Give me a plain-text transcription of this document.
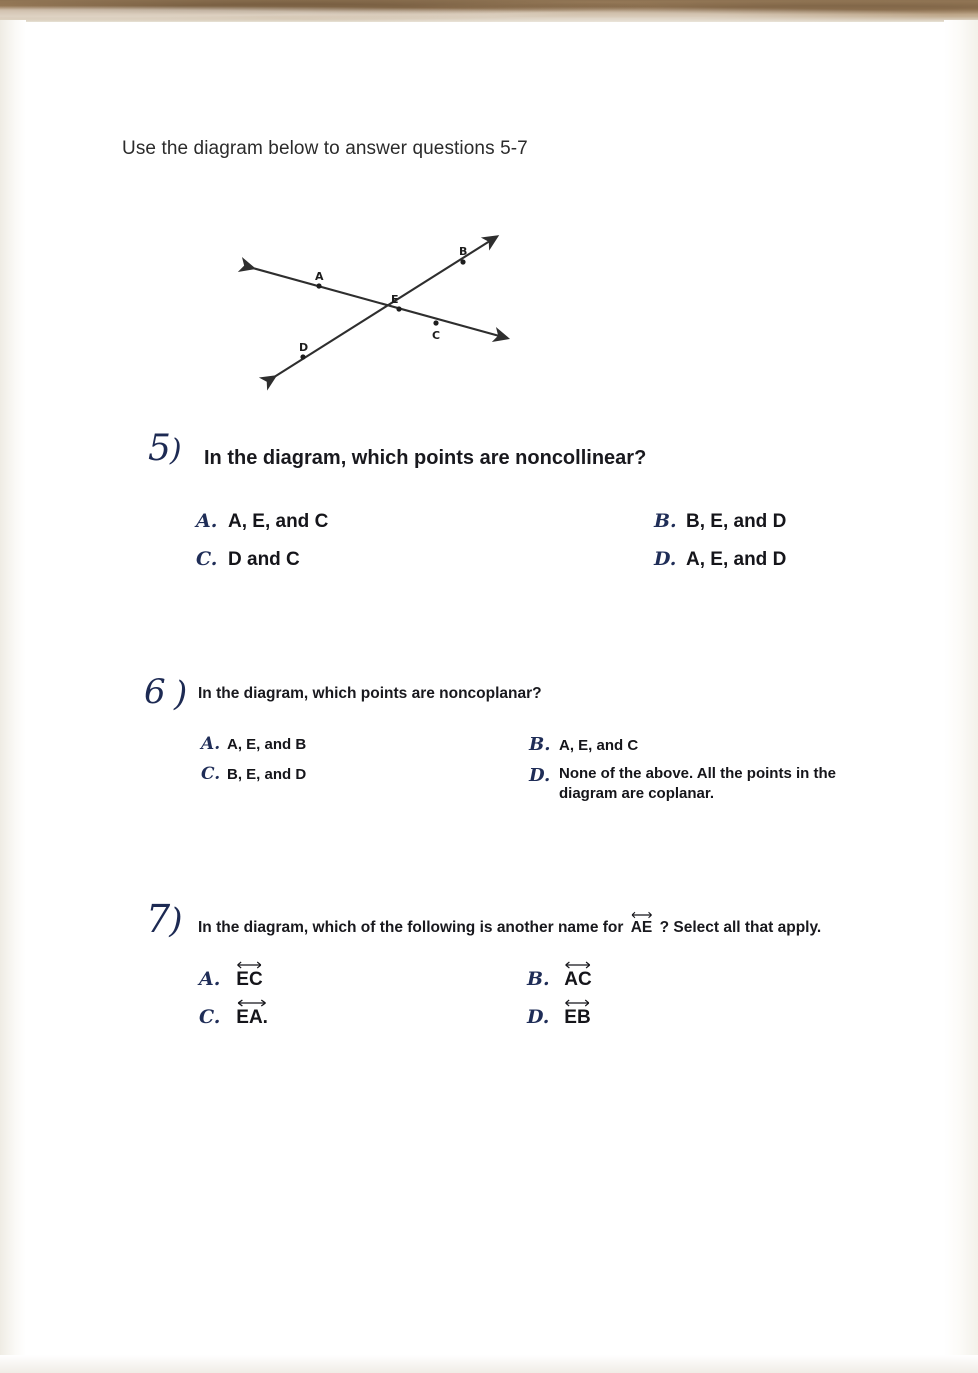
Use the diagram below to answer questions 5-7
A
B
C
D
E
5) In the diagram, which points are noncollinear?
A. A, E, and C	B. B, E, and D
C. D and C	D. A, E, and D
6 ) In the diagram, which points are noncoplanar?
A. A, E, and B	B. A, E, and C
C. B, E, and D	D. None of the above. All the points in the diagram are coplanar.
7) In the diagram, which of the following is another name for AE ? Select all that apply.
A. EC	B. AC
C. EA.	D. EB
